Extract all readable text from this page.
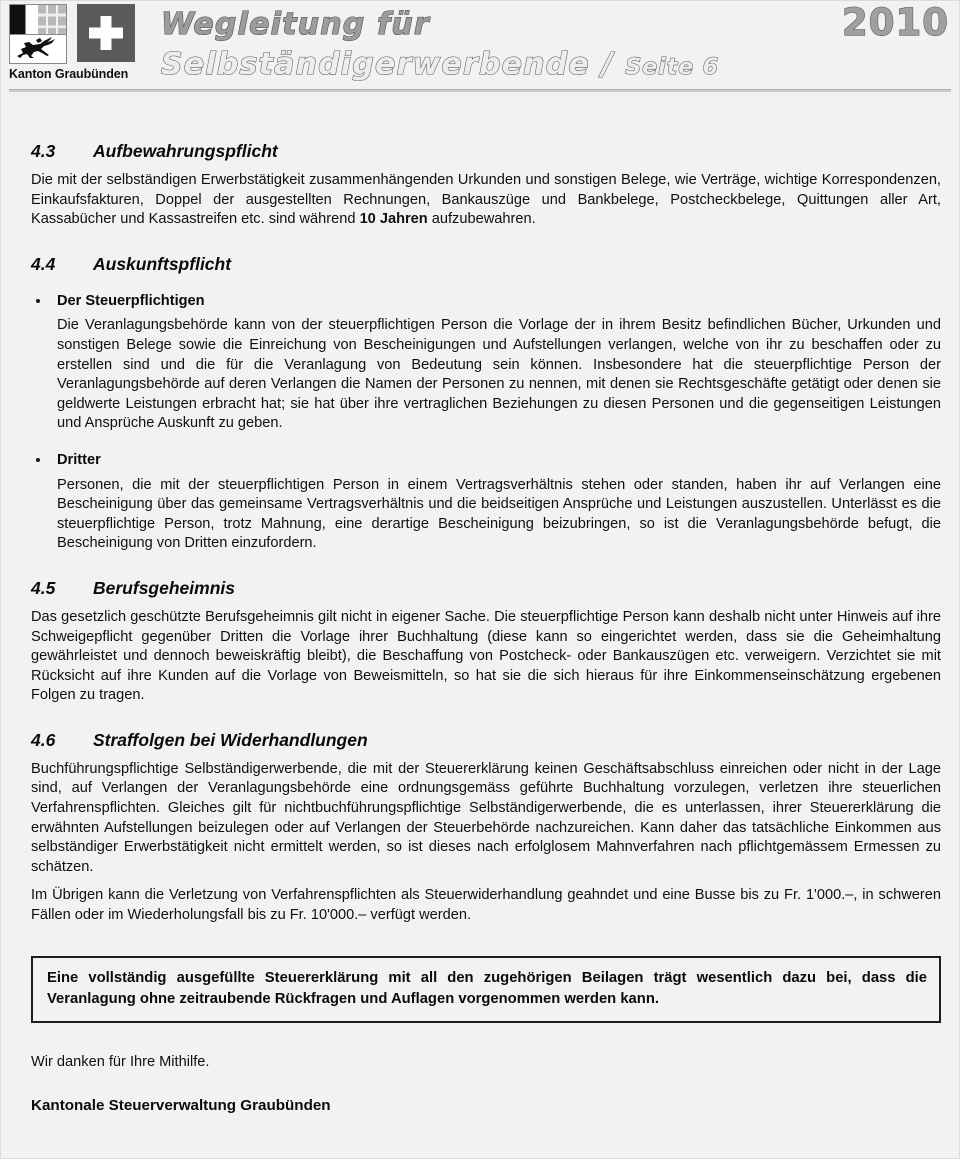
Kanton Graubünden
Wegleitung für
Selbständigerwerbende / Seite 6
2010
4.3 Aufbewahrungspflicht

Die mit der selbständigen Erwerbstätigkeit zusammenhängenden Urkunden und sonstigen Belege, wie Verträge, wichtige Korrespondenzen, Einkaufsfakturen, Doppel der ausgestellten Rechnungen, Bankauszüge und Bankbelege, Postcheckbelege, Quittungen aller Art, Kassabücher und Kassastreifen etc. sind während 10 Jahren aufzubewahren.

4.4 Auskunftspflicht
Der Steuerpflichtigen
Die Veranlagungsbehörde kann von der steuerpflichtigen Person die Vorlage der in ihrem Besitz befindlichen Bücher, Urkunden und sonstigen Belege sowie die Einreichung von Bescheinigungen und Aufstellungen verlangen, welche von ihr zu beschaffen oder zu erstellen sind und die für die Veranlagung von Bedeutung sein können. Insbesondere hat die steuerpflichtige Person der Veranlagungsbehörde auf deren Verlangen die Namen der Personen zu nennen, mit denen sie Rechtsgeschäfte getätigt oder denen sie geldwerte Leistungen erbracht hat; sie hat über ihre vertraglichen Beziehungen zu diesen Personen und die gegenseitigen Leistungen und Ansprüche Auskunft zu geben.
Dritter
Personen, die mit der steuerpflichtigen Person in einem Vertragsverhältnis stehen oder standen, haben ihr auf Verlangen eine Bescheinigung über das gemeinsame Vertragsverhältnis und die beidseitigen Ansprüche und Leistungen auszustellen. Unterlässt es die steuerpflichtige Person, trotz Mahnung, eine derartige Bescheinigung beizubringen, so ist die Veranlagungsbehörde befugt, die Bescheinigung von Dritten einzufordern.
4.5 Berufsgeheimnis

Das gesetzlich geschützte Berufsgeheimnis gilt nicht in eigener Sache. Die steuerpflichtige Person kann deshalb nicht unter Hinweis auf ihre Schweigepflicht gegenüber Dritten die Vorlage ihrer Buchhaltung (diese kann so eingerichtet werden, dass sie die Geheimhaltung gewährleistet und dennoch beweiskräftig bleibt), die Beschaffung von Postcheck- oder Bankauszügen etc. verweigern. Verzichtet sie mit Rücksicht auf ihre Kunden auf die Vorlage von Beweismitteln, so hat sie die sich hieraus für ihre Einkommenseinschätzung ergebenen Folgen zu tragen.

4.6 Straffolgen bei Widerhandlungen

Buchführungspflichtige Selbständigerwerbende, die mit der Steuererklärung keinen Geschäftsabschluss einreichen oder nicht in der Lage sind, auf Verlangen der Veranlagungsbehörde eine ordnungsgemäss geführte Buchhaltung vorzulegen, verletzen ihre steuerlichen Verfahrenspflichten. Gleiches gilt für nichtbuchführungspflichtige Selbständigerwerbende, die es unterlassen, ihrer Steuererklärung die erwähnten Aufstellungen beizulegen oder auf Verlangen der Steuerbehörde nachzureichen. Kann daher das tatsächliche Einkommen aus selbständiger Erwerbstätigkeit nicht ermittelt werden, so ist dieses nach erfolglosem Mahnverfahren nach pflichtgemässem Ermessen zu schätzen.

Im Übrigen kann die Verletzung von Verfahrenspflichten als Steuerwiderhandlung geahndet und eine Busse bis zu Fr. 1'000.–, in schweren Fällen oder im Wiederholungsfall bis zu Fr. 10'000.– verfügt werden.

Eine vollständig ausgefüllte Steuererklärung mit all den zugehörigen Beilagen trägt wesentlich dazu bei, dass die Veranlagung ohne zeitraubende Rückfragen und Auflagen vorgenommen werden kann.

Wir danken für Ihre Mithilfe.
Kantonale Steuerverwaltung Graubünden
